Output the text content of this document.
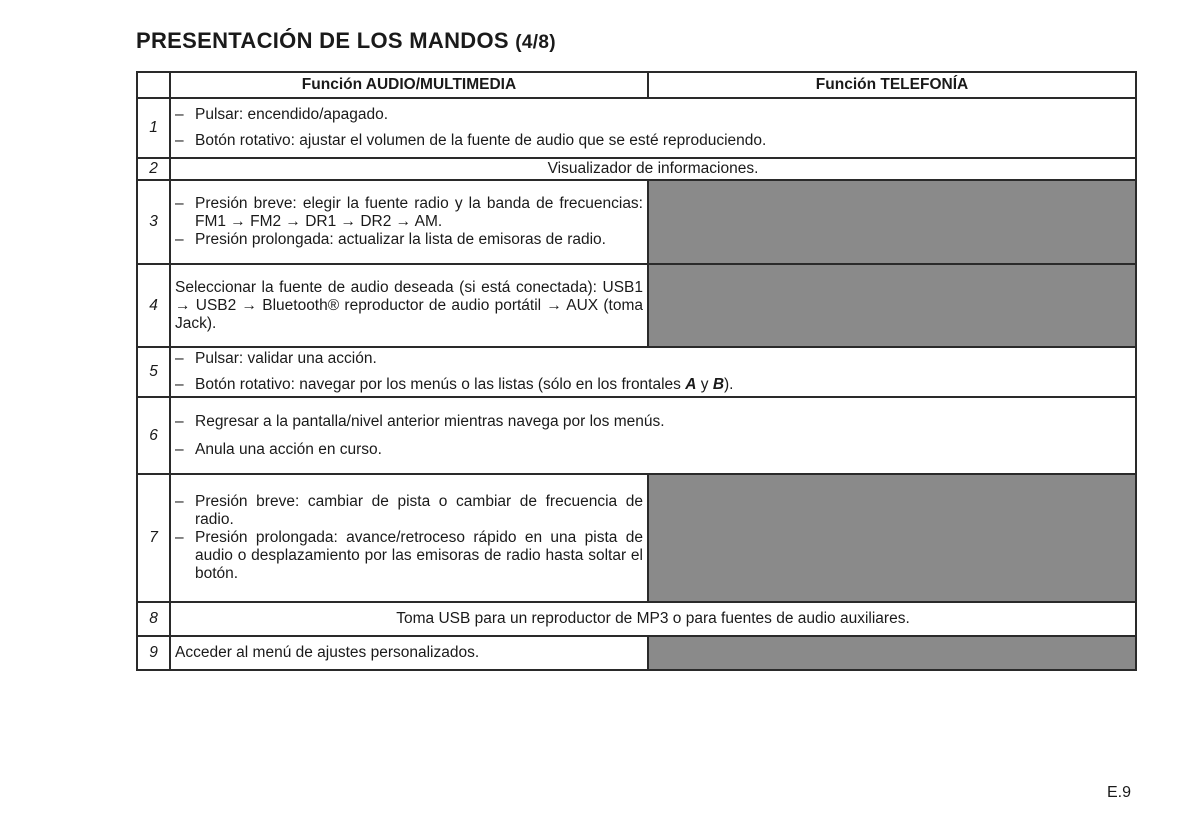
PRESENTACIÓN DE LOS MANDOS (4/8)
	Función AUDIO/MULTIMEDIA	Función TELEFONÍA
1	– Pulsar: encendido/apagado.
– Botón rotativo: ajustar el volumen de la fuente de audio que se esté reproduciendo.	

2	Visualizador de informaciones.	
3	– Presión breve: elegir la fuente radio y la banda de frecuencias: FM1 → FM2 → DR1 → DR2 → AM.
– Presión prolongada: actualizar la lista de emisoras de radio.	

4	Seleccionar la fuente de audio deseada (si está conectada): USB1 → USB2 → Bluetooth® reproductor de audio portátil → AUX (toma Jack).	
5	– Pulsar: validar una acción.
– Botón rotativo: navegar por los menús o las listas (sólo en los frontales A y B).	

6	– Regresar a la pantalla/nivel anterior mientras navega por los menús.
– Anula una acción en curso.	

7	– Presión breve: cambiar de pista o cambiar de frecuencia de radio.
– Presión prolongada: avance/retroceso rápido en una pista de audio o desplazamiento por las emisoras de radio hasta soltar el botón.	

8	Toma USB para un reproductor de MP3 o para fuentes de audio auxiliares.	
9	Acceder al menú de ajustes personalizados.	
E.9
